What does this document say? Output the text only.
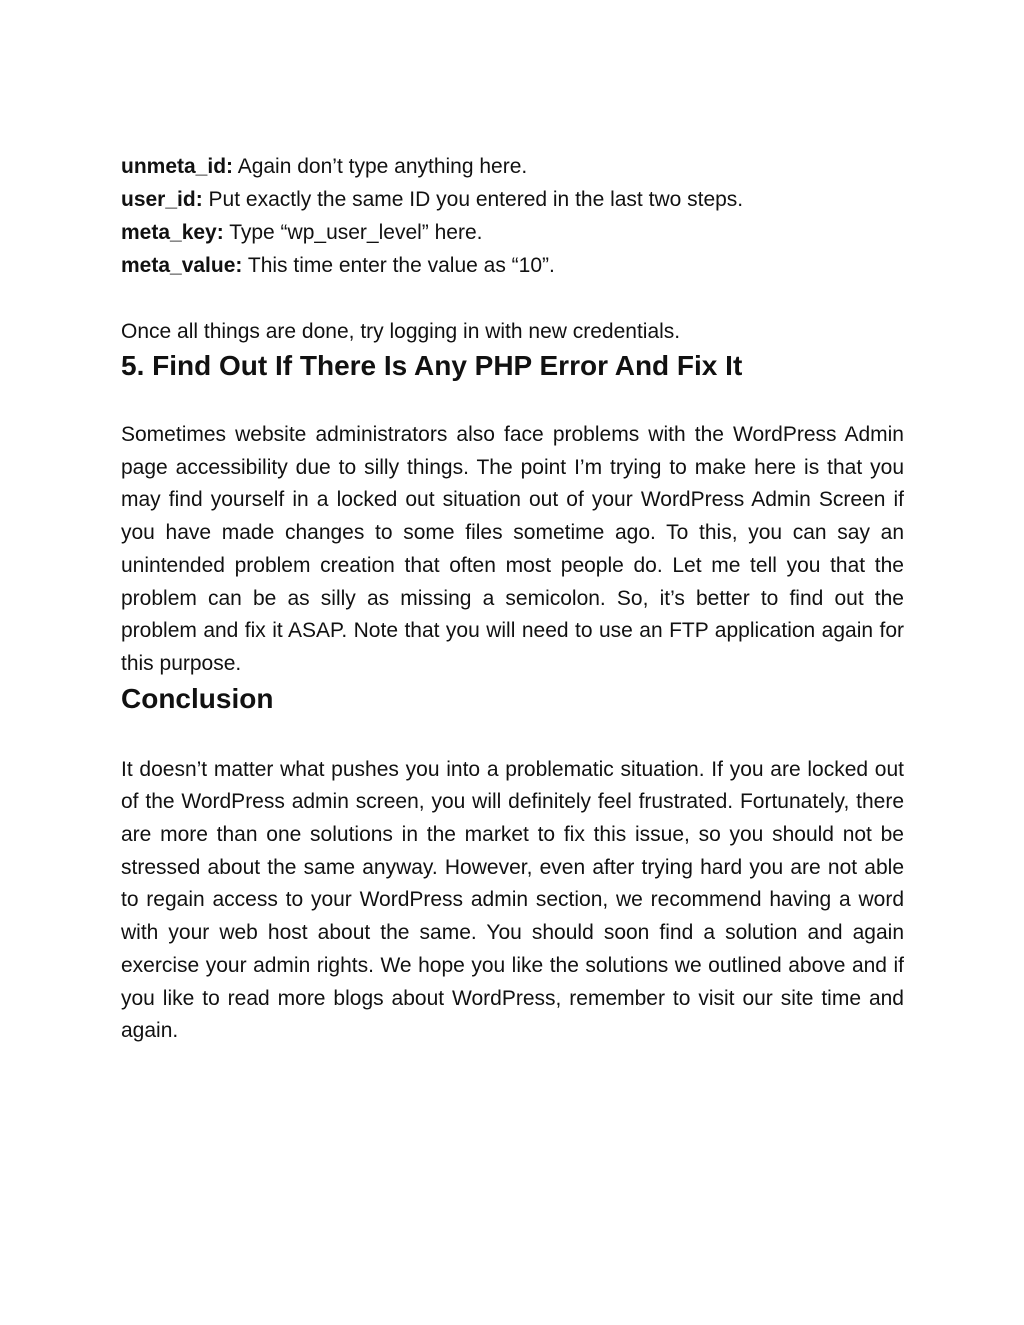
unmeta_id: Again don’t type anything here.

user_id: Put exactly the same ID you entered in the last two steps.

meta_key: Type “wp_user_level” here.

meta_value: This time enter the value as “10”.

Once all things are done, try logging in with new credentials.

5. Find Out If There Is Any PHP Error And Fix It

Sometimes website administrators also face problems with the WordPress Admin page accessibility due to silly things. The point I’m trying to make here is that you may find yourself in a locked out situation out of your WordPress Admin Screen if you have made changes to some files sometime ago. To this, you can say an unintended problem creation that often most people do. Let me tell you that the problem can be as silly as missing a semicolon. So, it’s better to find out the problem and fix it ASAP. Note that you will need to use an FTP application again for this purpose.

Conclusion

It doesn’t matter what pushes you into a problematic situation. If you are locked out of the WordPress admin screen, you will definitely feel frustrated. Fortunately, there are more than one solutions in the market to fix this issue, so you should not be stressed about the same anyway. However, even after trying hard you are not able to regain access to your WordPress admin section, we recommend having a word with your web host about the same. You should soon find a solution and again exercise your admin rights. We hope you like the solutions we outlined above and if you like to read more blogs about WordPress, remember to visit our site time and again.
